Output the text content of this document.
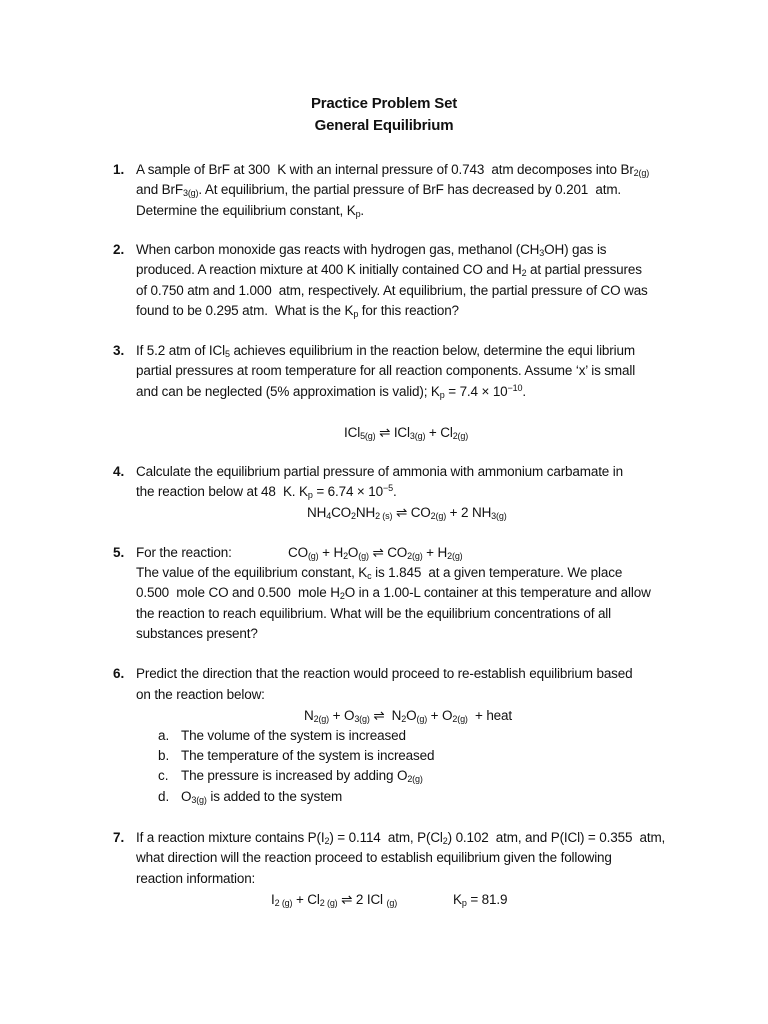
Practice Problem Set
General Equilibrium
1. A sample of BrF at 300  K with an internal pressure of 0.743  atm decomposes into $Br_{2(g)}$
and BrF$_{3(g)}$. At equilibrium, the partial pressure of BrF has decreased by 0.201  atm.
Determine the equilibrium constant, $K_p$.
2. When carbon monoxide gas reacts with hydrogen gas, methanol $(CH_3OH)$ gas is
produced. A reaction mixture at 400 K initially contained CO and $H_2$ at partial pressures
of 0.750 atm and 1.000  atm, respectively. At equilibrium, the partial pressure of CO was
found to be 0.295 atm.  What is the $K_p$ for this reaction?
3. If 5.2 atm of ICl$_5$ achieves equilibrium in the reaction below, determine the equi librium
partial pressures at room temperature for all reaction components. Assume ‘x’ is small
and can be neglected (5% approximation is valid); $K_p = 7.4 \times 10^{-10}$.
ICl$_{5(g)}$ ⇌ $ICl_{3(g)} + Cl_{2(g)}$
4. Calculate the equilibrium partial pressure of ammonia with ammonium carbamate in
the reaction below at 48  K. $K_p = 6.74 \times 10^{-5}$.
$NH_4CO_2NH_{2 (s)}$ ⇌ $CO_{2(g)} + 2$ $NH_{3(g)}$
5. For the reaction:	$CO_{(g)} + H_2O_{(g)}$ ⇌ $CO_{2(g)} + H_{2(g)}$
The value of the equilibrium constant, $K_c$ is 1.845  at a given temperature. We place
0.500  mole CO and 0.500  mole $H_2O$ in a 1.00-L container at this temperature and allow
the reaction to reach equilibrium. What will be the equilibrium concentrations of all
substances present?
6. Predict the direction that the reaction would proceed to re-establish equilibrium based
on the reaction below:
$N_{2(g)} + O_{3(g)}$ ⇌  $N_2O_{(g)} + O_{2(g)}$  + heat
a. The volume of the system is increased
b. The temperature of the system is increased
c. The pressure is increased by adding $O_{2(g)}$
d. $O_{3(g)}$ is added to the system
7. If a reaction mixture contains $P(I_2) = 0.114$  atm, $P(Cl_2)$ 0.102  atm, and P(ICl) = 0.355  atm,
what direction will the reaction proceed to establish equilibrium given the following
reaction information:
$I_{2 (g)} + Cl_{2 (g)}$ ⇌ 2 ICl $_{(g)}$	$K_p = 81.9$
